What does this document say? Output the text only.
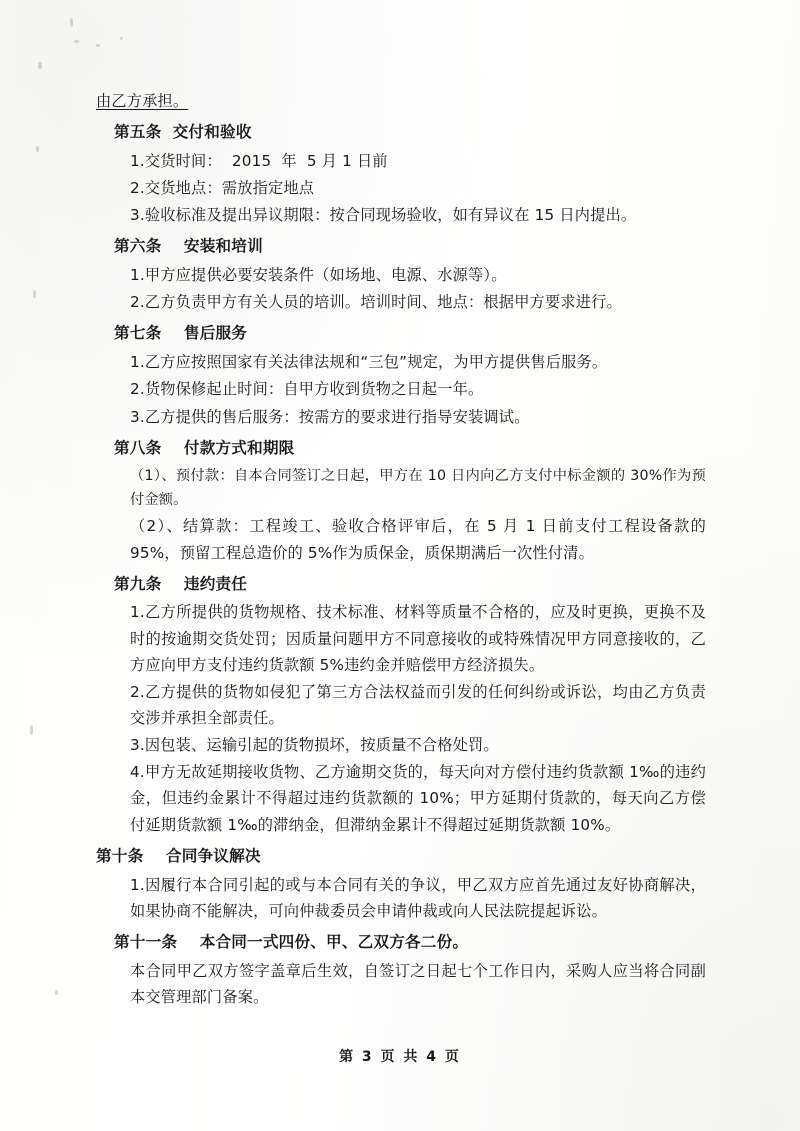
由乙方承担。
第五条  交付和验收
1.交货时间：  2015  年  5 月 1 日前
2.交货地点：需放指定地点
3.验收标准及提出异议期限：按合同现场验收，如有异议在 15 日内提出。
第六条    安装和培训
1.甲方应提供必要安装条件（如场地、电源、水源等）。
2.乙方负责甲方有关人员的培训。培训时间、地点：根据甲方要求进行。
第七条    售后服务
1.乙方应按照国家有关法律法规和“三包”规定，为甲方提供售后服务。
2.货物保修起止时间：自甲方收到货物之日起一年。
3.乙方提供的售后服务：按需方的要求进行指导安装调试。
第八条    付款方式和期限
（1）、预付款：自本合同签订之日起，甲方在 10 日内向乙方支付中标金额的 30%作为预付金额。
（2）、结算款：工程竣工、验收合格评审后，在 5 月 1 日前支付工程设备款的 95%，预留工程总造价的 5%作为质保金，质保期满后一次性付清。
第九条    违约责任
1.乙方所提供的货物规格、技术标准、材料等质量不合格的，应及时更换，更换不及时的按逾期交货处罚；因质量问题甲方不同意接收的或特殊情况甲方同意接收的，乙方应向甲方支付违约货款额 5%违约金并赔偿甲方经济损失。
2.乙方提供的货物如侵犯了第三方合法权益而引发的任何纠纷或诉讼，均由乙方负责交涉并承担全部责任。
3.因包装、运输引起的货物损坏，按质量不合格处罚。
4.甲方无故延期接收货物、乙方逾期交货的，每天向对方偿付违约货款额 1‰的违约金，但违约金累计不得超过违约货款额的 10%；甲方延期付货款的，每天向乙方偿付延期货款额 1‰的滞纳金，但滞纳金累计不得超过延期货款额 10%。
第十条    合同争议解决
1.因履行本合同引起的或与本合同有关的争议，甲乙双方应首先通过友好协商解决，如果协商不能解决，可向仲裁委员会申请仲裁或向人民法院提起诉讼。
第十一条    本合同一式四份、甲、乙双方各二份。
本合同甲乙双方签字盖章后生效，自签订之日起七个工作日内，采购人应当将合同副本交管理部门备案。
第 3 页 共 4 页
